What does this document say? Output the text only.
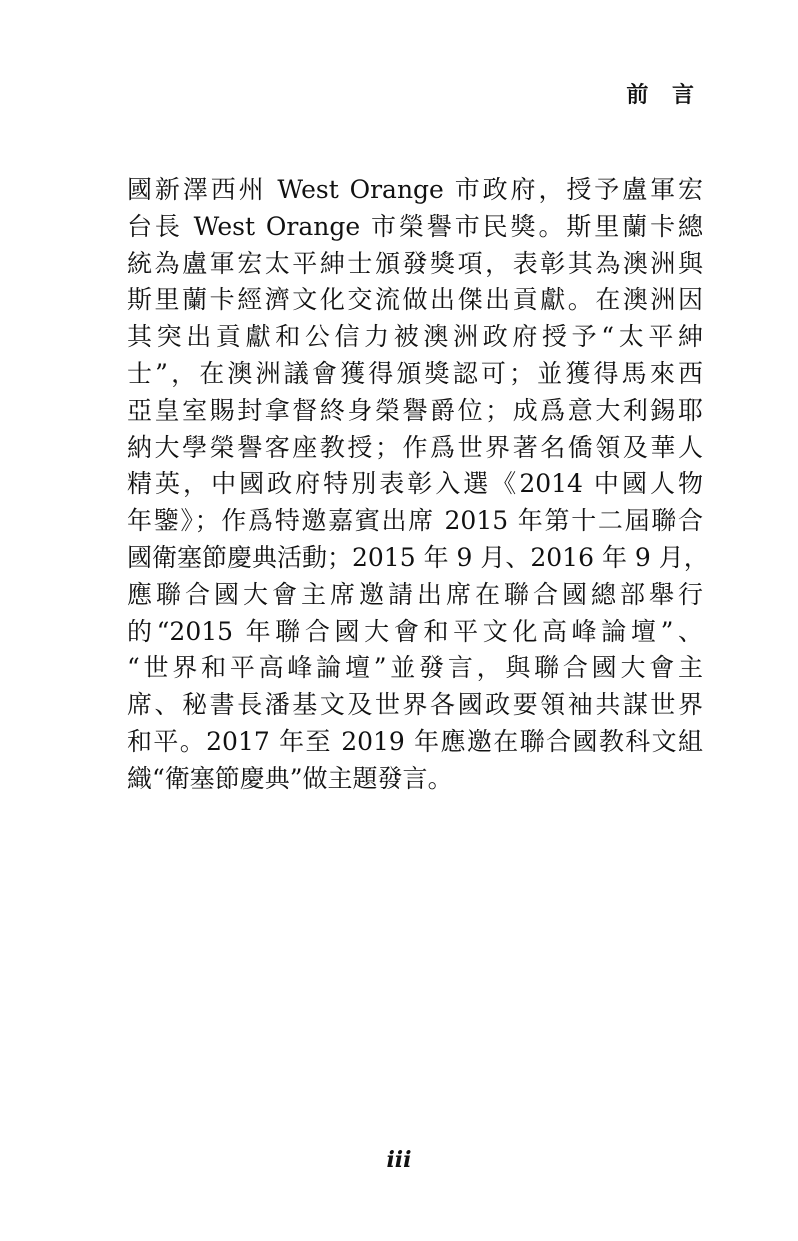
前 言
國新澤西州 West Orange 市政府，授予盧軍宏
台長 West Orange 市榮譽市民獎。斯里蘭卡總
統為盧軍宏太平紳士頒發獎項，表彰其為澳洲與
斯里蘭卡經濟文化交流做出傑出貢獻。在澳洲因
其突出貢獻和公信力被澳洲政府授予“太平紳
士”，在澳洲議會獲得頒獎認可；並獲得馬來西
亞皇室賜封拿督終身榮譽爵位；成爲意大利錫耶
納大學榮譽客座教授；作爲世界著名僑領及華人
精英，中國政府特別表彰入選《2014 中國人物
年鑒》；作爲特邀嘉賓出席 2015 年第十二屆聯合
國衛塞節慶典活動；2015 年 9 月、2016 年 9 月，
應聯合國大會主席邀請出席在聯合國總部舉行
的“2015 年聯合國大會和平文化高峰論壇”、
“世界和平高峰論壇”並發言，與聯合國大會主
席、秘書長潘基文及世界各國政要領袖共謀世界
和平。2017 年至 2019 年應邀在聯合國教科文組
織“衛塞節慶典”做主題發言。
iii
